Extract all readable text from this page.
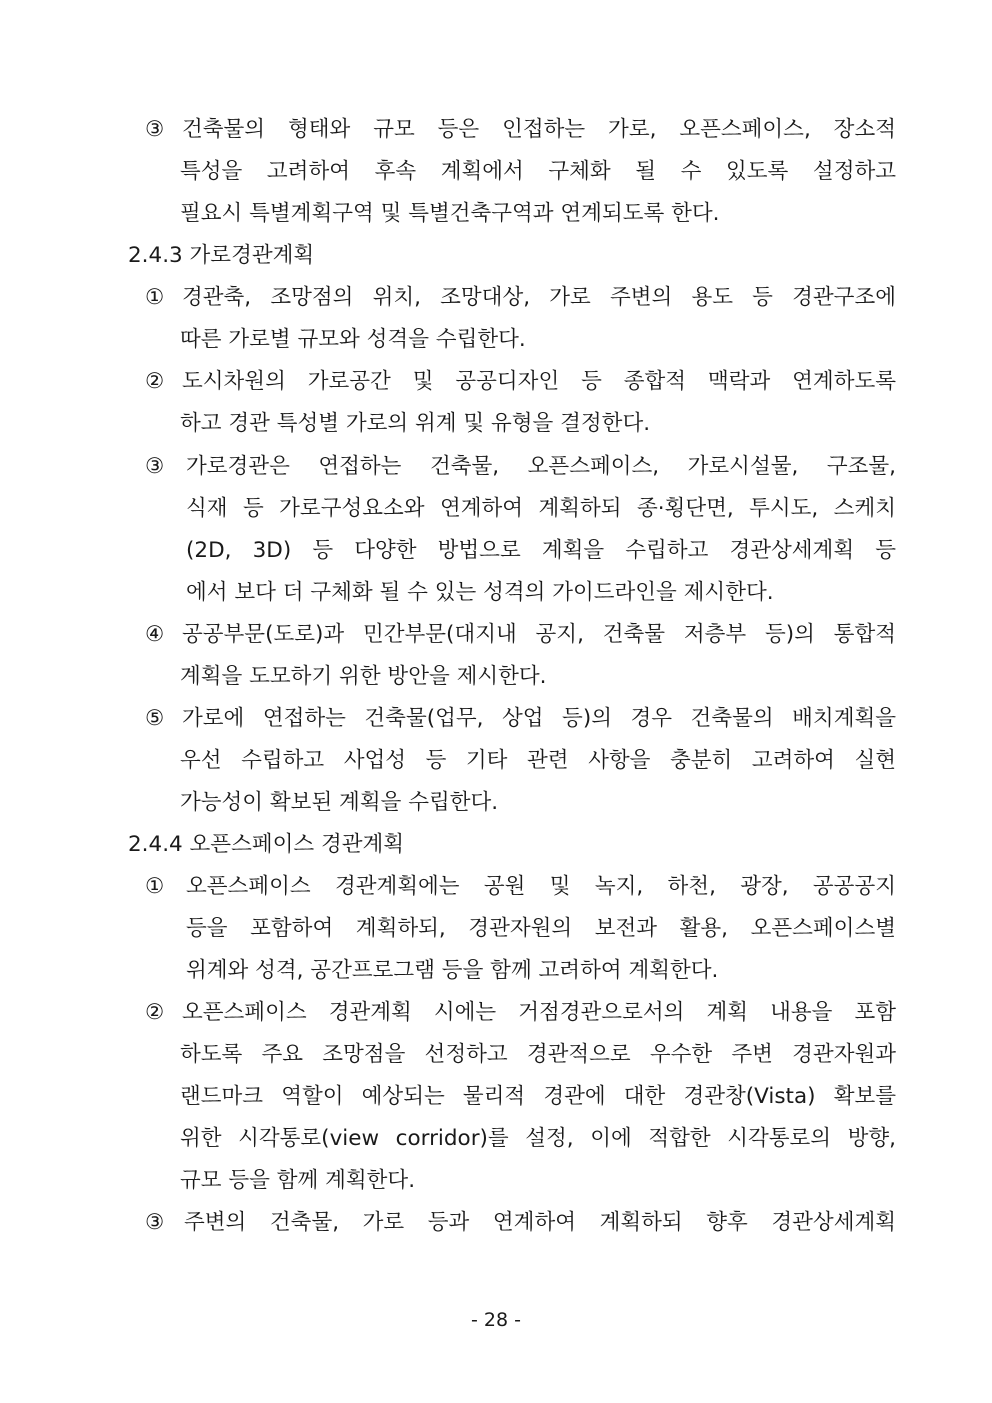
③ 건축물의 형태와 규모 등은 인접하는 가로, 오픈스페이스, 장소적
특성을 고려하여 후속 계획에서 구체화 될 수 있도록 설정하고
필요시 특별계획구역 및 특별건축구역과 연계되도록 한다.
2.4.3 가로경관계획
① 경관축, 조망점의 위치, 조망대상, 가로 주변의 용도 등 경관구조에
따른 가로별 규모와 성격을 수립한다.
② 도시차원의 가로공간 및 공공디자인 등 종합적 맥락과 연계하도록
하고 경관 특성별 가로의 위계 및 유형을 결정한다.
③ 가로경관은 연접하는 건축물, 오픈스페이스, 가로시설물, 구조물,
식재 등 가로구성요소와 연계하여 계획하되 종·횡단면, 투시도, 스케치
(2D, 3D) 등 다양한 방법으로 계획을 수립하고 경관상세계획 등
에서 보다 더 구체화 될 수 있는 성격의 가이드라인을 제시한다.
④ 공공부문(도로)과 민간부문(대지내 공지, 건축물 저층부 등)의 통합적
계획을 도모하기 위한 방안을 제시한다.
⑤ 가로에 연접하는 건축물(업무, 상업 등)의 경우 건축물의 배치계획을
우선 수립하고 사업성 등 기타 관련 사항을 충분히 고려하여 실현
가능성이 확보된 계획을 수립한다.
2.4.4 오픈스페이스 경관계획
① 오픈스페이스 경관계획에는 공원 및 녹지, 하천, 광장, 공공공지
등을 포함하여 계획하되, 경관자원의 보전과 활용, 오픈스페이스별
위계와 성격, 공간프로그램 등을 함께 고려하여 계획한다.
② 오픈스페이스 경관계획 시에는 거점경관으로서의 계획 내용을 포함
하도록 주요 조망점을 선정하고 경관적으로 우수한 주변 경관자원과
랜드마크 역할이 예상되는 물리적 경관에 대한 경관창(Vista) 확보를
위한 시각통로(view corridor)를 설정, 이에 적합한 시각통로의 방향,
규모 등을 함께 계획한다.
③ 주변의 건축물, 가로 등과 연계하여 계획하되 향후 경관상세계획
- 28 -
